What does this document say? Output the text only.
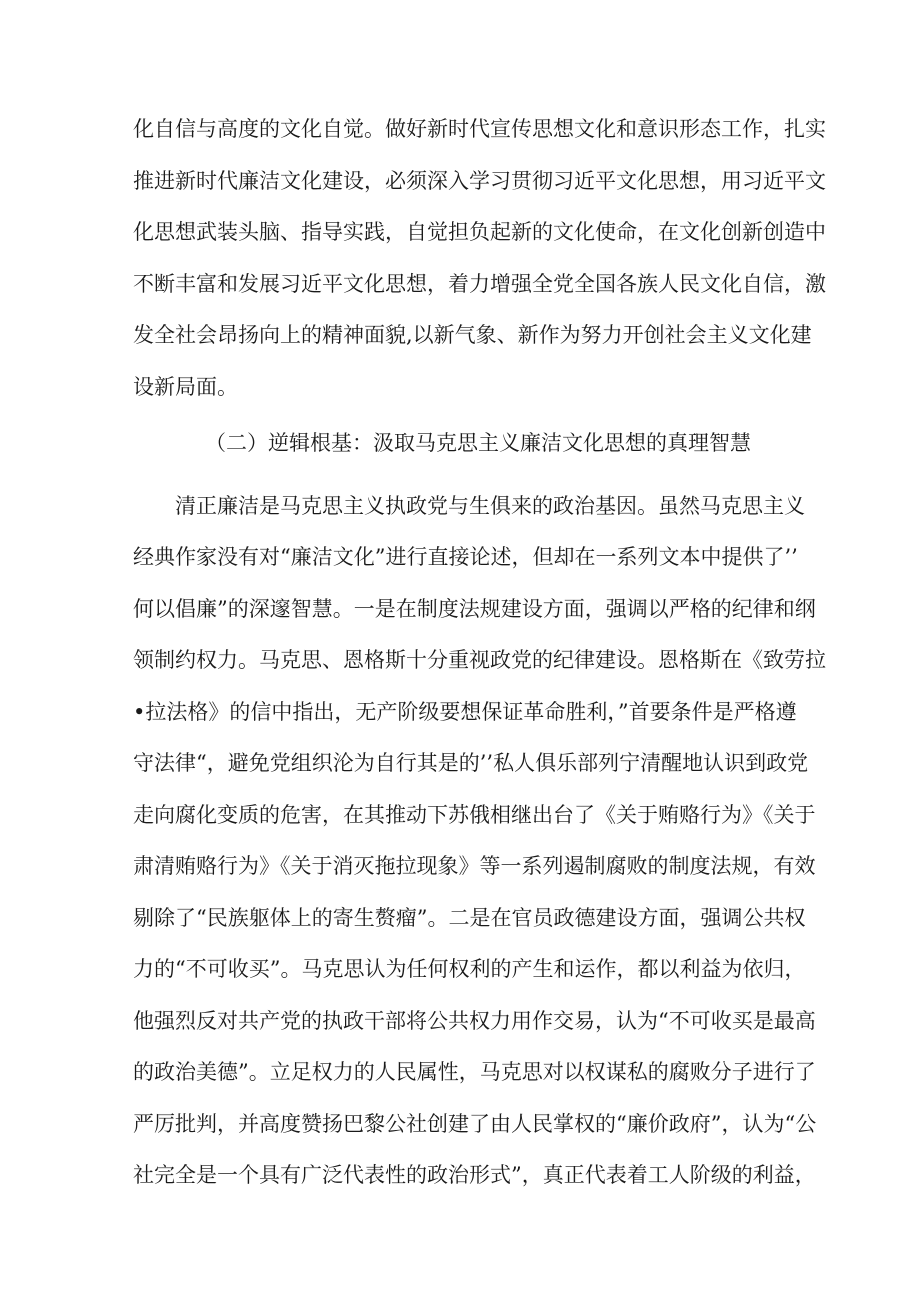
化自信与高度的文化自觉。做好新时代宣传思想文化和意识形态工作，扎实
推进新时代廉洁文化建设，必须深入学习贯彻习近平文化思想，用习近平文
化思想武装头脑、指导实践，自觉担负起新的文化使命，在文化创新创造中
不断丰富和发展习近平文化思想，着力增强全党全国各族人民文化自信，激
发全社会昂扬向上的精神面貌,以新气象、新作为努力开创社会主义文化建
设新局面。
（二）逆辑根基：汲取马克思主义廉洁文化思想的真理智慧
清正廉洁是马克思主义执政党与生俱来的政治基因。虽然马克思主义
经典作家没有对“廉洁文化”进行直接论述，但却在一系列文本中提供了’’
何以倡廉”的深邃智慧。一是在制度法规建设方面，强调以严格的纪律和纲
领制约权力。马克思、恩格斯十分重视政党的纪律建设。恩格斯在《致劳拉
•拉法格》的信中指出，无产阶级要想保证革命胜利，”首要条件是严格遵
守法律“，避免党组织沦为自行其是的’’私人俱乐部列宁清醒地认识到政党
走向腐化变质的危害，在其推动下苏俄相继出台了《关于贿赂行为》《关于
肃清贿赂行为》《关于消灭拖拉现象》等一系列遏制腐败的制度法规，有效
剔除了“民族躯体上的寄生赘瘤”。二是在官员政德建设方面，强调公共权
力的“不可收买”。马克思认为任何权利的产生和运作，都以利益为依归，
他强烈反对共产党的执政干部将公共权力用作交易，认为“不可收买是最高
的政治美德”。立足权力的人民属性，马克思对以权谋私的腐败分子进行了
严厉批判，并高度赞扬巴黎公社创建了由人民掌权的“廉价政府”，认为“公
社完全是一个具有广泛代表性的政治形式”，真正代表着工人阶级的利益，
